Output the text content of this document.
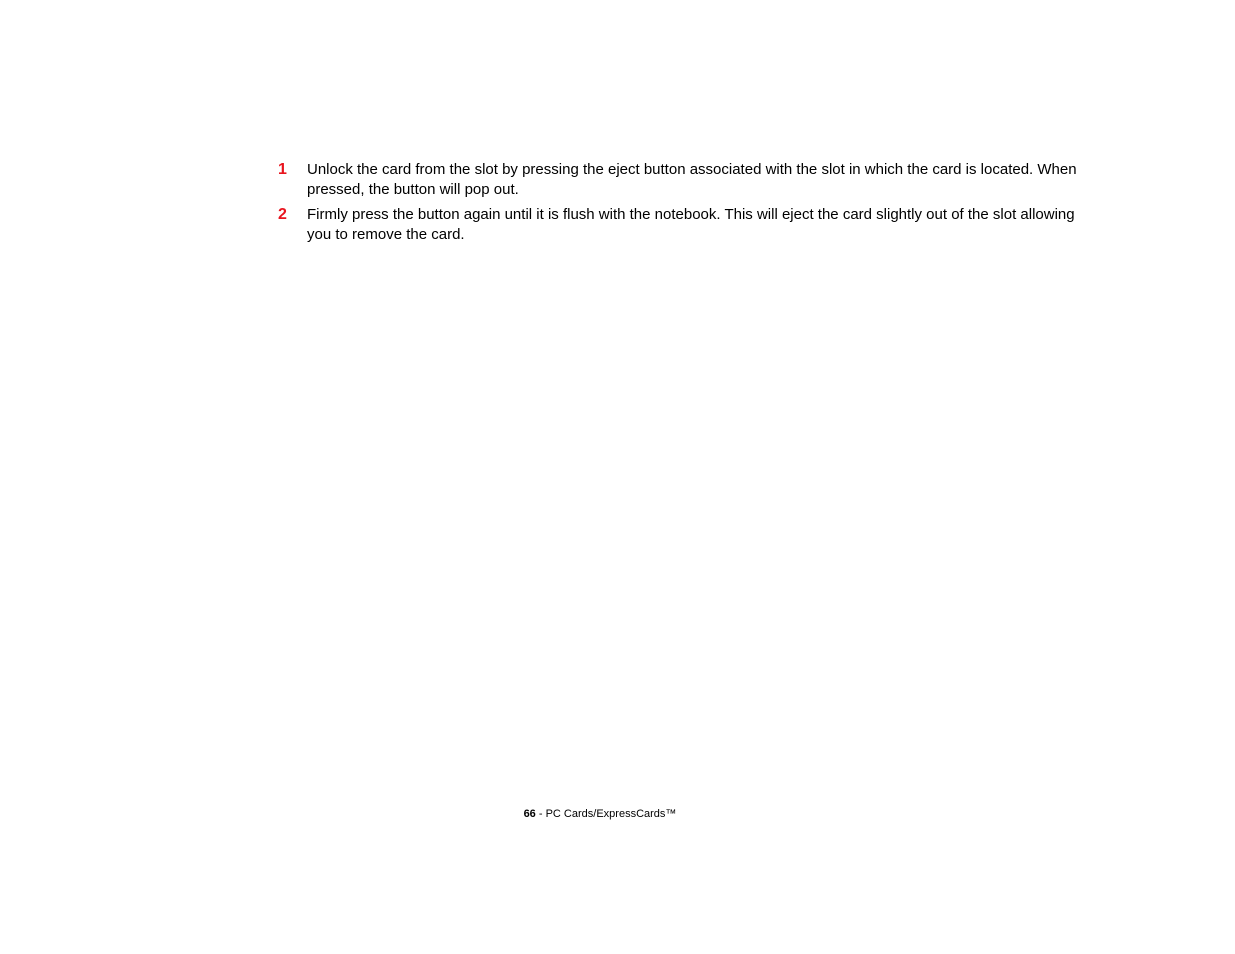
1	Unlock the card from the slot by pressing the eject button associated with the slot in which the card is located. When pressed, the button will pop out.

2	Firmly press the button again until it is flush with the notebook. This will eject the card slightly out of the slot allowing you to remove the card.

66 - PC Cards/ExpressCards™
